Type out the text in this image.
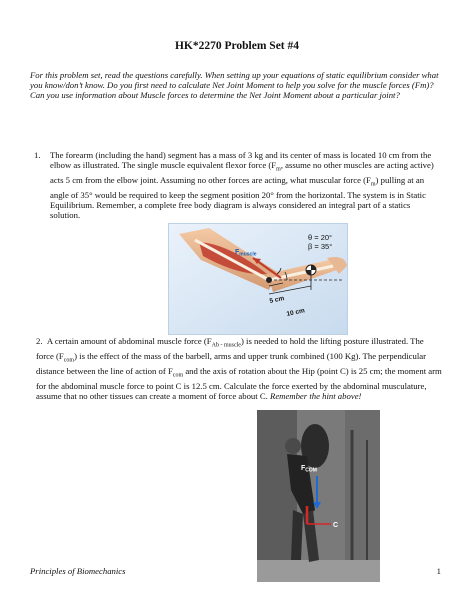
HK*2270 Problem Set #4
For this problem set, read the questions carefully. When setting up your equations of static equilibrium consider what you know/don’t know. Do you first need to calculate Net Joint Moment to help you solve for the muscle forces (Fm)? Can you use information about Muscle forces to determine the Net Joint Moment about a particular joint?
1. The forearm (including the hand) segment has a mass of 3 kg and its center of mass is located 10 cm from the elbow as illustrated. The single muscle equivalent flexor force ($F_m$, assume no other muscles are acting active) acts 5 cm from the elbow joint. Assuming no other forces are acting, what muscular force $(F_m)$ pulling at an angle of 35° would be required to keep the segment position 20° from the horizontal. The system is in Static Equilibrium. Remember, a complete free body diagram is always considered an integral part of a statics solution.
θ = 20°
β = 35°
$F_{muscle}$
5 cm
10 cm
2. A certain amount of abdominal muscle force $(F_{Ab - muscle})$ is needed to hold the lifting posture illustrated. The force $(F_{com})$ is the effect of the mass of the barbell, arms and upper trunk combined (100 Kg). The perpendicular distance between the line of action of $F_{com}$ and the axis of rotation about the Hip (point C) is 25 cm; the moment arm for the abdominal muscle force to point C is 12.5 cm. Calculate the force exerted by the abdominal musculature, assume that no other tissues can create a moment of force about C. Remember the hint above!
$F_{COM}$
C
Principles of Biomechanics	1
